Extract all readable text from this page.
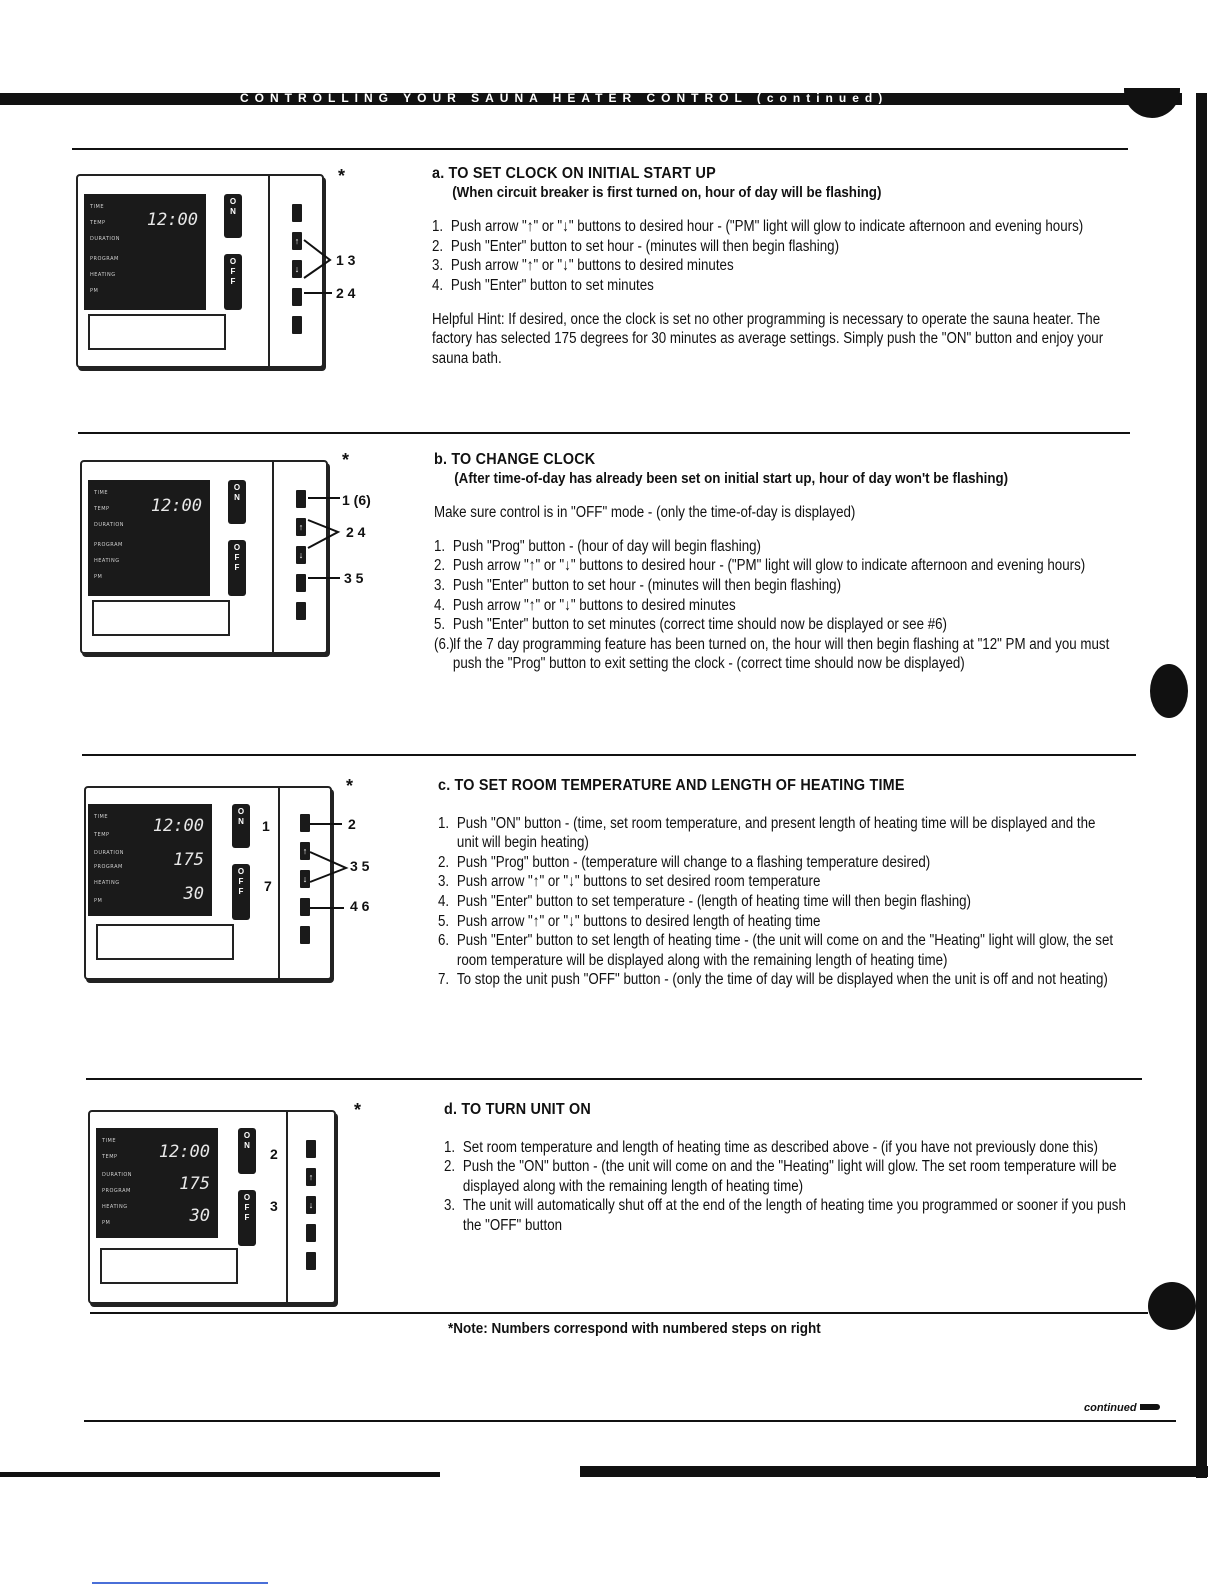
CONTROLLING YOUR SAUNA HEATER CONTROL (continued)
TIME
TEMP
DURATION
PROGRAM
HEATING
PM
12:00
ON
OFF
↑
↓
1 3
2 4
*	a. TO SET CLOCK ON INITIAL START UP
(When circuit breaker is first turned on, hour of day will be flashing)
1. Push arrow "↑" or "↓" buttons to desired hour - ("PM" light will glow to indicate afternoon and evening hours)
2. Push "Enter" button to set hour - (minutes will then begin flashing)
3. Push arrow "↑" or "↓" buttons to desired minutes
4. Push "Enter" button to set minutes
Helpful Hint: If desired, once the clock is set no other programming is necessary to operate the sauna heater. The factory has selected 175 degrees for 30 minutes as average settings. Simply push the "ON" button and enjoy your sauna bath.
TIME
TEMP
DURATION
PROGRAM
HEATING
PM
12:00
ON
OFF
↑
↓
1 (6)
2 4
3 5
*	b. TO CHANGE CLOCK
(After time-of-day has already been set on initial start up, hour of day won't be flashing)
Make sure control is in "OFF" mode - (only the time-of-day is displayed)
1. Push "Prog" button - (hour of day will begin flashing)
2. Push arrow "↑" or "↓" buttons to desired hour - ("PM" light will glow to indicate afternoon and evening hours)
3. Push "Enter" button to set hour - (minutes will then begin flashing)
4. Push arrow "↑" or "↓" buttons to desired minutes
5. Push "Enter" button to set minutes (correct time should now be displayed or see #6)
(6.)
If the 7 day programming feature has been turned on, the hour will then begin flashing at "12" PM and you must push the "Prog" button to exit setting the clock - (correct time should now be displayed)
TIME
TEMP
DURATION
PROGRAM
HEATING
PM
12:00
175
30
ON
OFF
1
7
↑
↓
2
3 5
4 6
*	c. TO SET ROOM TEMPERATURE AND LENGTH OF HEATING TIME
1. Push "ON" button - (time, set room temperature, and present length of heating time will be displayed and the unit will begin heating)
2. Push "Prog" button - (temperature will change to a flashing temperature desired)
3. Push arrow "↑" or "↓" buttons to set desired room temperature
4. Push "Enter" button to set temperature - (length of heating time will then begin flashing)
5. Push arrow "↑" or "↓" buttons to desired length of heating time
6. Push "Enter" button to set length of heating time - (the unit will come on and the "Heating" light will glow, the set room temperature will be displayed along with the remaining length of heating time)
7. To stop the unit push "OFF" button - (only the time of day will be displayed when the unit is off and not heating)
TIME
TEMP
DURATION
PROGRAM
HEATING
PM
12:00
175
30
ON
OFF
2
3
↑
↓
*	d. TO TURN UNIT ON
1. Set room temperature and length of heating time as described above - (if you have not previously done this)
2. Push the "ON" button - (the unit will come on and the "Heating" light will glow. The set room temperature will be displayed along with the remaining length of heating time)
3. The unit will automatically shut off at the end of the length of heating time you programmed or sooner if you push the "OFF" button
*Note: Numbers correspond with numbered steps on right
continued
